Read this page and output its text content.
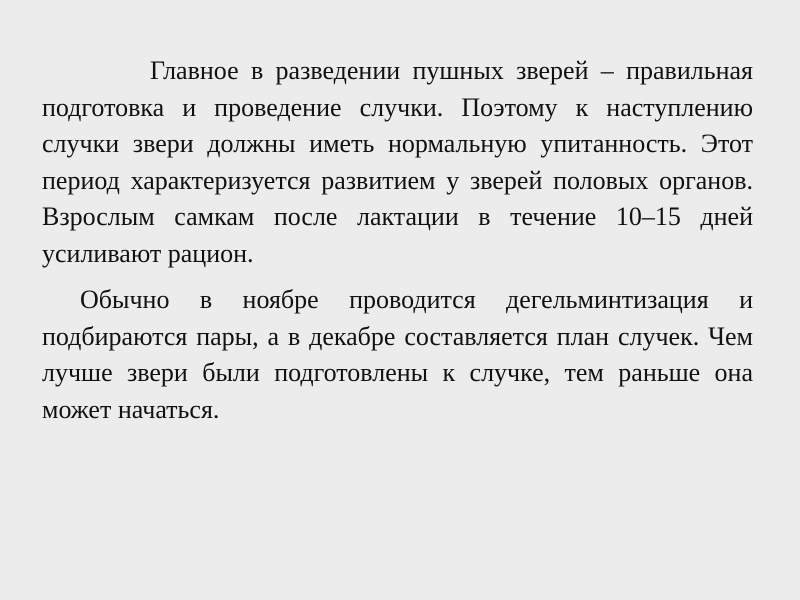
Главное в разведении пушных зверей – правильная подготовка и проведение случки. Поэтому к наступлению случки звери должны иметь нормальную упитанность. Этот период характеризуется развитием у зверей половых органов. Взрослым самкам после лактации в течение 10–15 дней усиливают рацион.

Обычно в ноябре проводится дегельминтизация и подбираются пары, а в декабре составляется план случек. Чем лучше звери были подготовлены к случке, тем раньше она может начаться.
